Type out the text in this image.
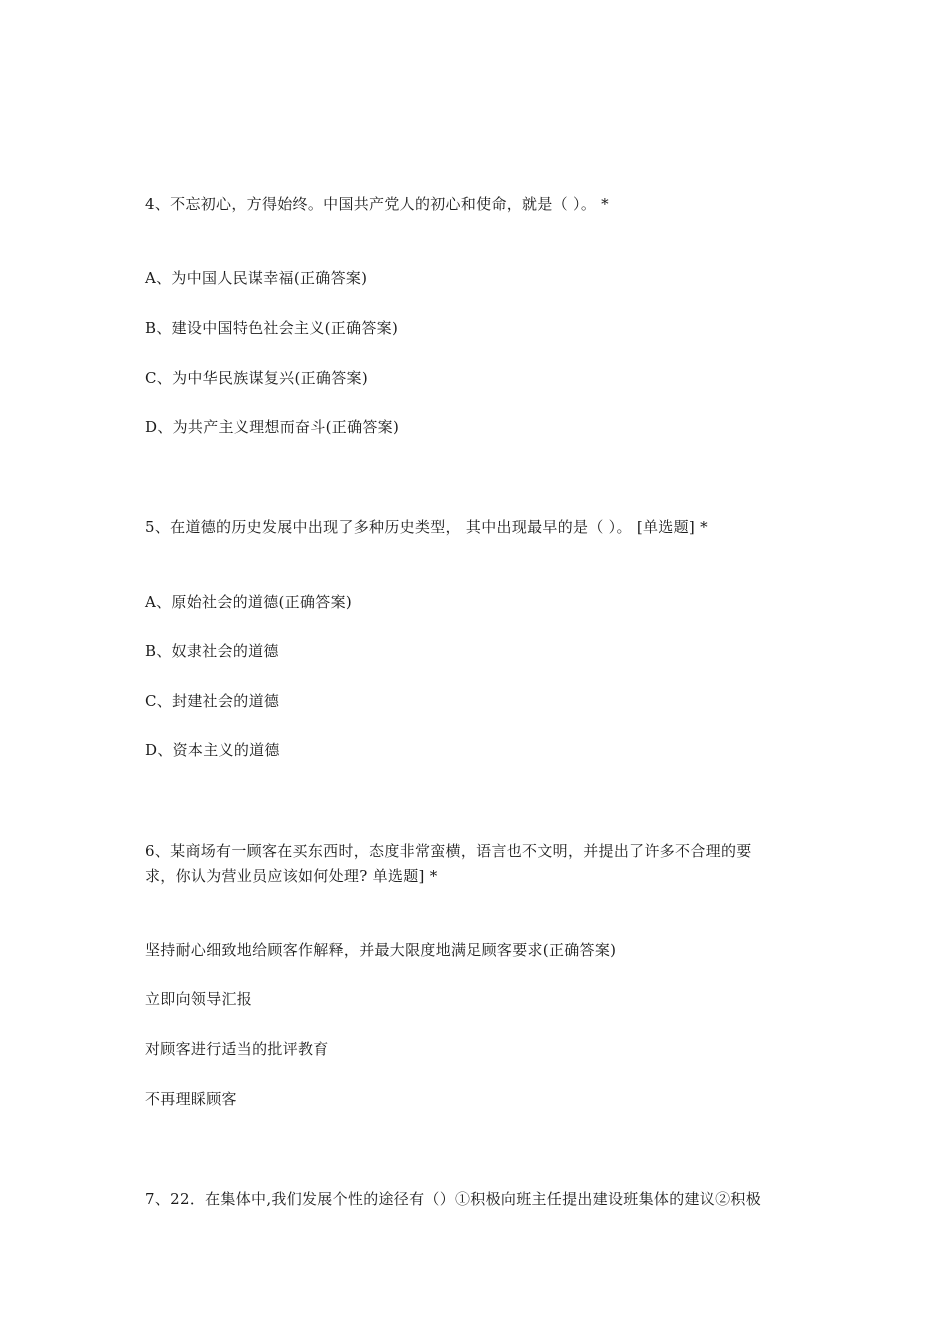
4、不忘初心，方得始终。中国共产党人的初心和使命，就是（ ）。 *
A、为中国人民谋幸福(正确答案)
B、建设中国特色社会主义(正确答案)
C、为中华民族谋复兴(正确答案)
D、为共产主义理想而奋斗(正确答案)
5、在道德的历史发展中出现了多种历史类型， 其中出现最早的是（ ）。 [单选题] *
A、原始社会的道德(正确答案)
B、奴隶社会的道德
C、封建社会的道德
D、资本主义的道德
6、某商场有一顾客在买东西时，态度非常蛮横，语言也不文明，并提出了许多不合理的要
求，你认为营业员应该如何处理? 单选题] *
坚持耐心细致地给顾客作解释，并最大限度地满足顾客要求(正确答案)
立即向领导汇报
对顾客进行适当的批评教育
不再理睬顾客
7、22．在集体中,我们发展个性的途径有（）①积极向班主任提出建设班集体的建议②积极
